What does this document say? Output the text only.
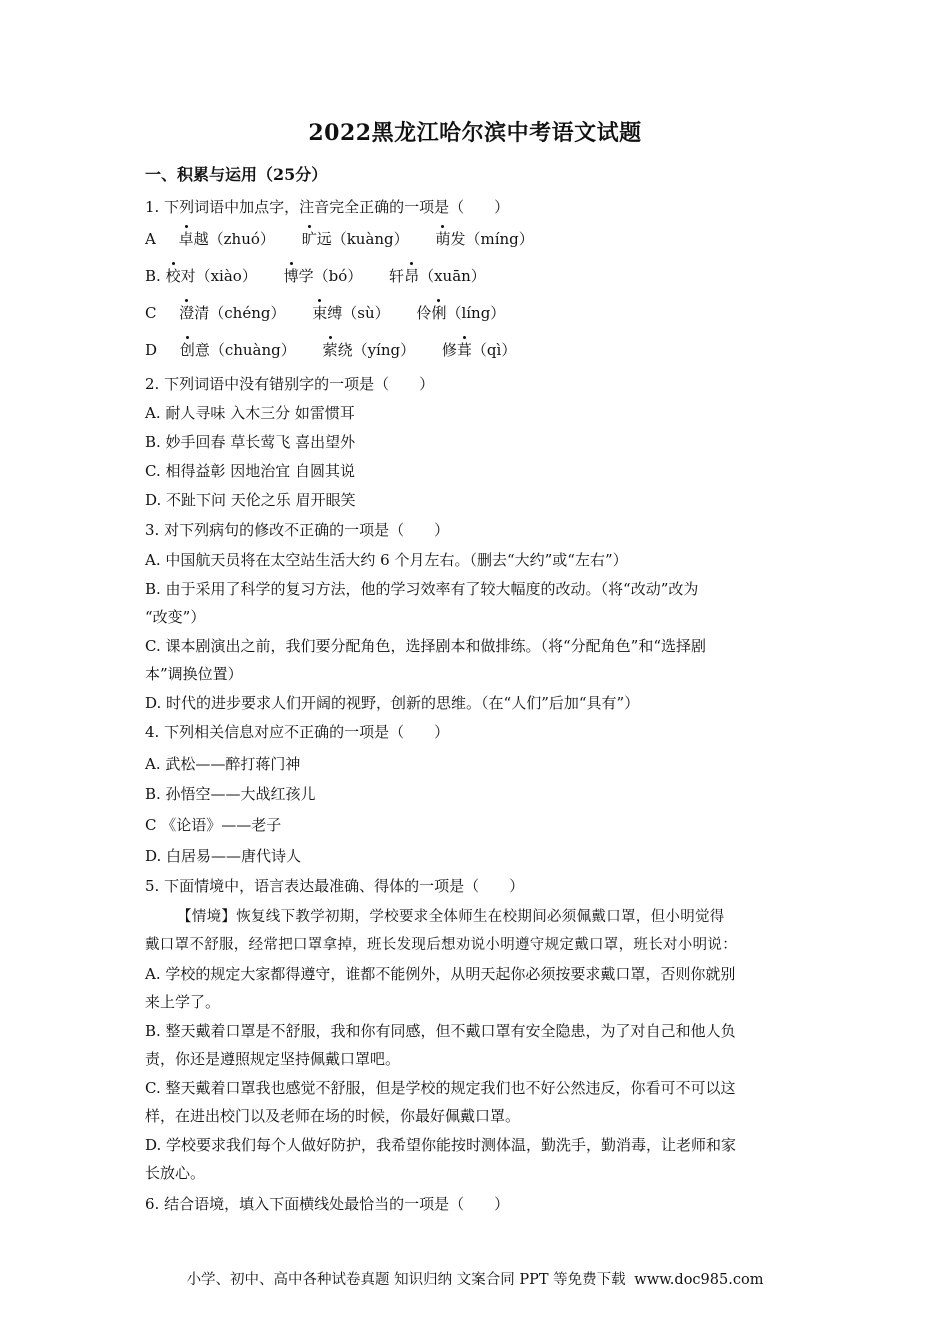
2022黑龙江哈尔滨中考语文试题
一、积累与运用（25分）
1. 下列词语中加点字，注音完全正确的一项是（　　）
A 卓越（zhuó） 旷远（kuàng） 萌发（míng）
B. 校对（xiào） 博学（bó） 轩昂（xuān）
C 澄清（chéng） 束缚（sù） 伶俐（líng）
D 创意（chuàng） 萦绕（yíng） 修葺（qì）
2. 下列词语中没有错别字的一项是（　　）
A. 耐人寻味 入木三分 如雷惯耳
B. 妙手回春 草长莺飞 喜出望外
C. 相得益彰 因地治宜 自圆其说
D. 不趾下问 天伦之乐 眉开眼笑
3. 对下列病句的修改不正确的一项是（　　）
A. 中国航天员将在太空站生活大约 6 个月左右。（删去“大约”或“左右”）
B. 由于采用了科学的复习方法，他的学习效率有了较大幅度的改动。（将“改动”改为
“改变”）
C. 课本剧演出之前，我们要分配角色，选择剧本和做排练。（将“分配角色”和“选择剧
本”调换位置）
D. 时代的进步要求人们开阔的视野，创新的思维。（在“人们”后加“具有”）
4. 下列相关信息对应不正确的一项是（　　）
A. 武松——醉打蒋门神
B. 孙悟空——大战红孩儿
C 《论语》——老子
D. 白居易——唐代诗人
5. 下面情境中，语言表达最准确、得体的一项是（　　）
【情境】恢复线下教学初期，学校要求全体师生在校期间必须佩戴口罩，但小明觉得
戴口罩不舒服，经常把口罩拿掉，班长发现后想劝说小明遵守规定戴口罩，班长对小明说：
A. 学校的规定大家都得遵守，谁都不能例外，从明天起你必须按要求戴口罩，否则你就别
来上学了。
B. 整天戴着口罩是不舒服，我和你有同感，但不戴口罩有安全隐患，为了对自己和他人负
责，你还是遵照规定坚持佩戴口罩吧。
C. 整天戴着口罩我也感觉不舒服，但是学校的规定我们也不好公然违反，你看可不可以这
样，在进出校门以及老师在场的时候，你最好佩戴口罩。
D. 学校要求我们每个人做好防护，我希望你能按时测体温，勤洗手，勤消毒，让老师和家
长放心。
6. 结合语境，填入下面横线处最恰当的一项是（　　）
小学、初中、高中各种试卷真题 知识归纳 文案合同 PPT 等免费下载 www.doc985.com
